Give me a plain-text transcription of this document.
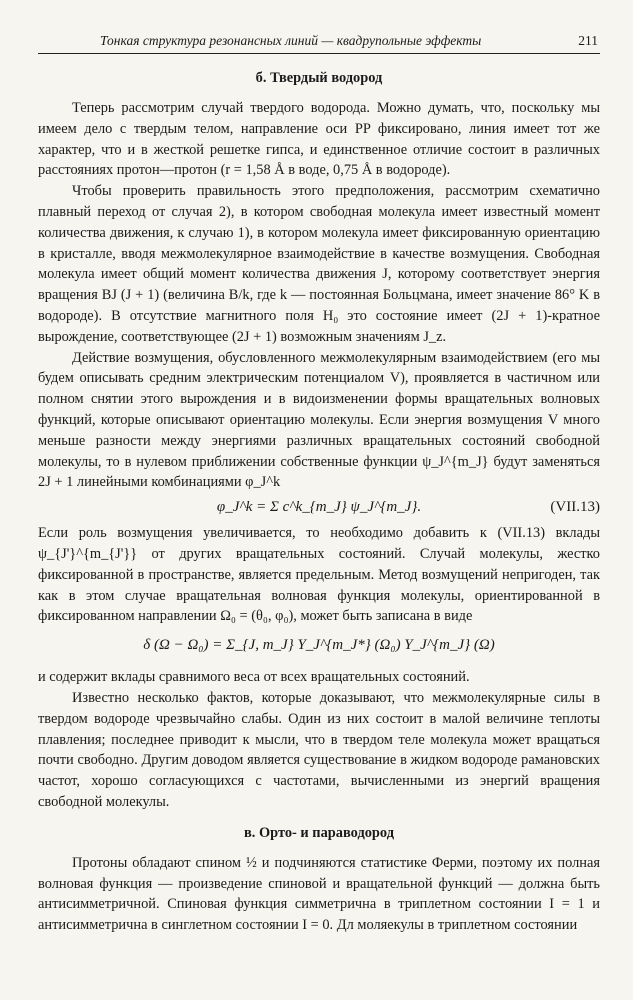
Тонкая структура резонансных линий — квадрупольные эффекты	211
б. Твердый водород

Теперь рассмотрим случай твердого водорода. Можно думать, что, поскольку мы имеем дело с твердым телом, направление оси PP фиксировано, линия имеет тот же характер, что и в жесткой решетке гипса, и единственное отличие состоит в различных расстояниях протон—протон (r = 1,58 Å в воде, 0,75 Å в водороде).

Чтобы проверить правильность этого предположения, рассмотрим схематично плавный переход от случая 2), в котором свободная молекула имеет известный момент количества движения, к случаю 1), в котором молекула имеет фиксированную ориентацию в кристалле, вводя межмолекулярное взаимодействие в качестве возмущения. Свободная молекула имеет общий момент количества движения J, которому соответствует энергия вращения BJ (J + 1) (величина B/k, где k — постоянная Больцмана, имеет значение 86° K в водороде). В отсутствие магнитного поля H₀ это состояние имеет (2J + 1)-кратное вырождение, соответствующее (2J + 1) возможным значениям J_z.

Действие возмущения, обусловленного межмолекулярным взаимодействием (его мы будем описывать средним электрическим потенциалом V), проявляется в частичном или полном снятии этого вырождения и в видоизменении формы вращательных волновых функций, которые описывают ориентацию молекулы. Если энергия возмущения V много меньше разности между энергиями различных вращательных состояний свободной молекулы, то в нулевом приближении собственные функции ψ_J^{m_J} будут заменяться 2J + 1 линейными комбинациями φ_J^k

φ_J^k = Σ c^k_{m_J} ψ_J^{m_J}.	(VII.13)

Если роль возмущения увеличивается, то необходимо добавить к (VII.13) вклады ψ_{J'}^{m_{J'}} от других вращательных состояний. Случай молекулы, жестко фиксированной в пространстве, является предельным. Метод возмущений непригоден, так как в этом случае вращательная волновая функция молекулы, ориентированной в фиксированном направлении Ω₀ = (θ₀, φ₀), может быть записана в виде

δ (Ω − Ω₀) = Σ_{J, m_J} Y_J^{m_J*} (Ω₀) Y_J^{m_J} (Ω)

и содержит вклады сравнимого веса от всех вращательных состояний.

Известно несколько фактов, которые доказывают, что межмолекулярные силы в твердом водороде чрезвычайно слабы. Один из них состоит в малой величине теплоты плавления; последнее приводит к мысли, что в твердом теле молекула может вращаться почти свободно. Другим доводом является существование в жидком водороде рамановских частот, хорошо согласующихся с частотами, вычисленными из энергий вращения свободной молекулы.

в. Орто- и параводород

Протоны обладают спином ½ и подчиняются статистике Ферми, поэтому их полная волновая функция — произведение спиновой и вращательной функций — должна быть антисимметричной. Спиновая функция симметрична в триплетном состоянии I = 1 и антисимметрична в синглетном состоянии I = 0. Дл моляекулы в триплетном состоянии
